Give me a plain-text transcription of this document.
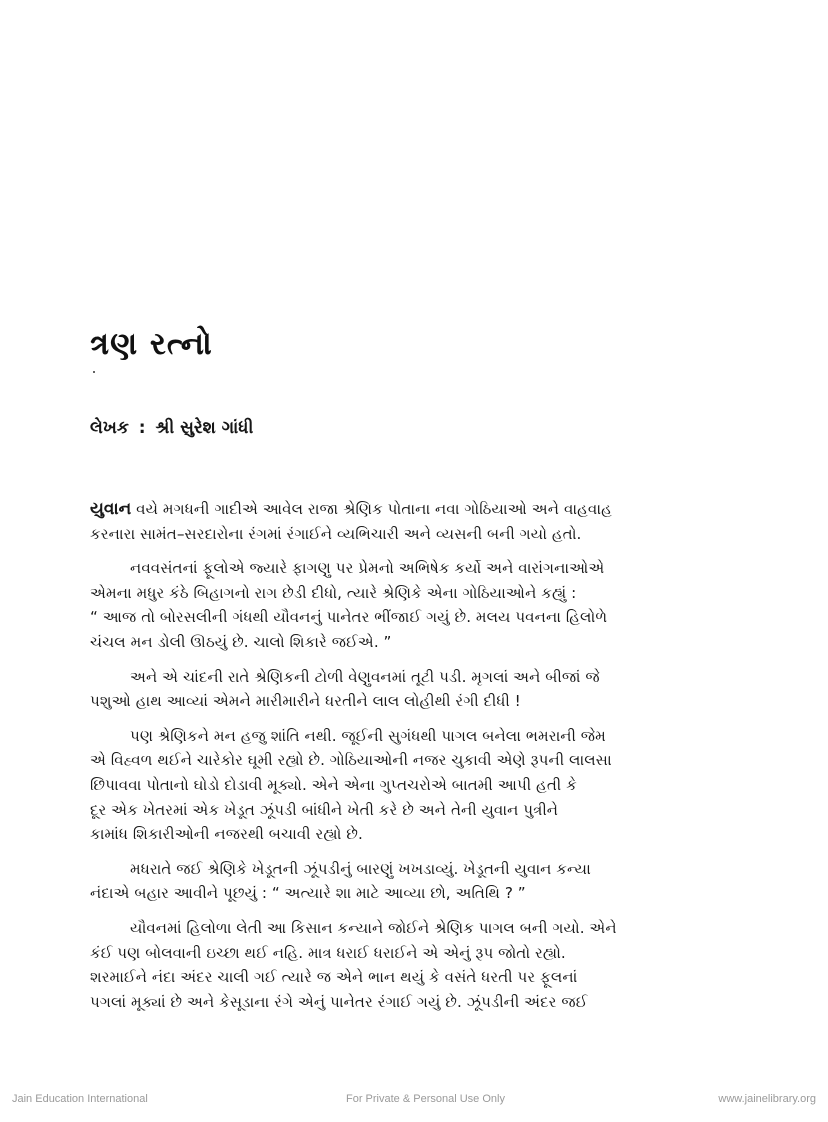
ત્રણ રત્નો
લેખક : શ્રી સુરેશ ગાંધી

યુવાન વયે મગધની ગાદીએ આવેલ રાજા શ્રેણિક પોતાના નવા ગોઠિયાઓ અને વાહવાહ
કરનારા સામંત–સરદારોના રંગમાં રંગાઈને વ્યભિચારી અને વ્યસની બની ગયો હતો.

નવવસંતનાં ફૂલોએ જ્યારે ફાગણુ પર પ્રેમનો અભિષેક કર્યો અને વારાંગનાઓએ
એમના મધુર કંઠે બિહાગનો રાગ છેડી દીધો, ત્યારે શ્રેણિકે એના ગોઠિયાઓને કહ્યું :
“ આજ તો બોરસલીની ગંધથી યૌવનનું પાનેતર ભીંજાઈ ગયું છે. મલય પવનના હિલોળે
ચંચલ મન ડોલી ઊઠયું છે. ચાલો શિકારે જઈએ. ”

અને એ ચાંદની રાતે શ્રેણિકની ટોળી વેણુવનમાં તૂટી પડી. મૃગલાં અને બીજાં જે
પશુઓ હાથ આવ્યાં એમને મારીમારીને ધરતીને લાલ લોહીથી રંગી દીધી !

પણ શ્રેણિકને મન હજુ શાંતિ નથી. જૂઈની સુગંધથી પાગલ બનેલા ભમરાની જેમ
એ વિહ્વળ થઈને ચારેકોર ઘૂમી રહ્યો છે. ગોઠિયાઓની નજર ચુકાવી એણે રૂપની લાલસા
છિપાવવા પોતાનો ઘોડો દોડાવી મૂક્યો. એને એના ગુપ્તચરોએ બાતમી આપી હતી કે
દૂર એક ખેતરમાં એક ખેડૂત ઝૂંપડી બાંધીને ખેતી કરે છે અને તેની યુવાન પુત્રીને
કામાંધ શિકારીઓની નજરથી બચાવી રહ્યો છે.

મધરાતે જઈ શ્રેણિકે ખેડૂતની ઝૂંપડીનું બારણું ખખડાવ્યું. ખેડૂતની યુવાન કન્યા
નંદાએ બહાર આવીને પૂછયું : “ અત્યારે શા માટે આવ્યા છો, અતિથિ ? ”

યૌવનમાં હિલોળા લેતી આ કિસાન કન્યાને જોઈને શ્રેણિક પાગલ બની ગયો. એને
કંઈ પણ બોલવાની ઇચ્છા થઈ નહિ. માત્ર ધરાઈ ધરાઈને એ એનું રૂપ જોતો રહ્યો.
શરમાઈને નંદા અંદર ચાલી ગઈ ત્યારે જ એને ભાન થયું કે વસંતે ધરતી પર ફૂલનાં
પગલાં મૂક્યાં છે અને કેસૂડાના રંગે એનું પાનેતર રંગાઈ ગયું છે. ઝૂંપડીની અંદર જઈ

Jain Education International	For Private & Personal Use Only	www.jainelibrary.org
